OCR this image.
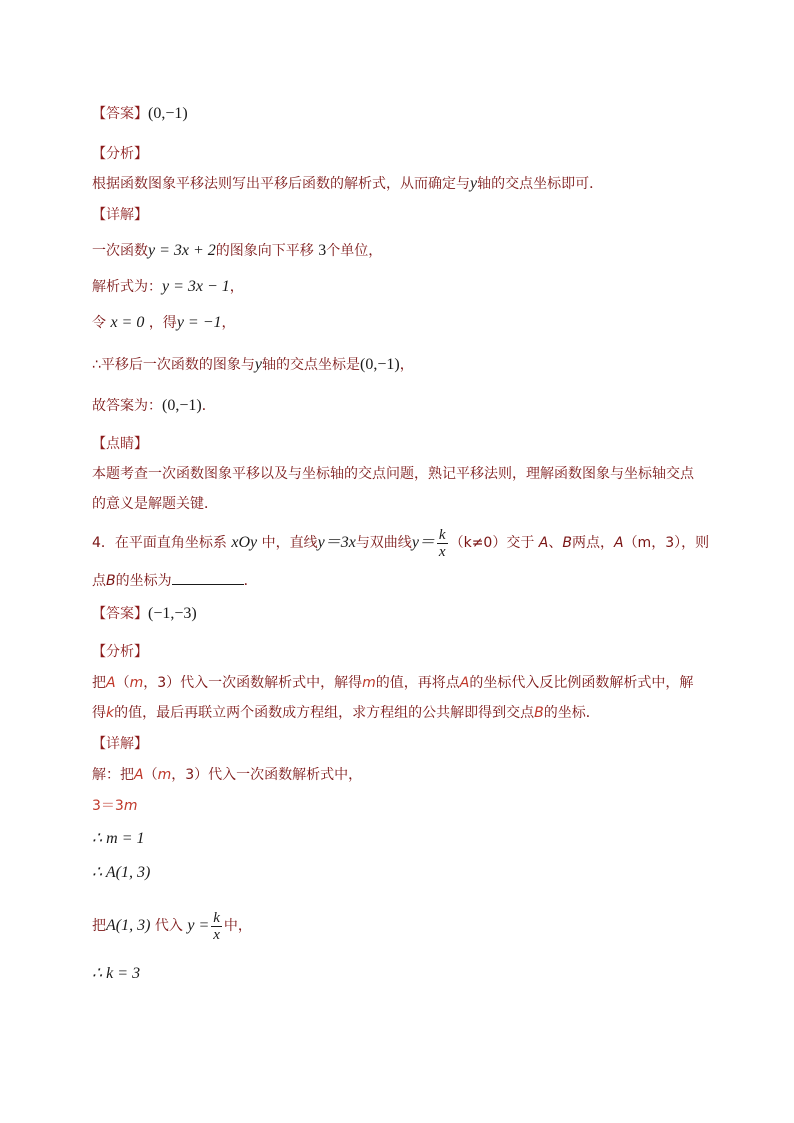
【答案】(0,−1)
【分析】
根据函数图象平移法则写出平移后函数的解析式，从而确定与y轴的交点坐标即可．
【详解】
一次函数y = 3x + 2的图象向下平移 3个单位，
解析式为：y = 3x − 1，
令 x = 0 ，得y = −1，
∴平移后一次函数的图象与y轴的交点坐标是(0,−1)，
故答案为：(0,−1)．
【点睛】
本题考查一次函数图象平移以及与坐标轴的交点问题，熟记平移法则，理解函数图象与坐标轴交点
的意义是解题关键．
4．在平面直角坐标系 xOy 中，直线y＝3x与双曲线$y= \frac{k}{x} (k\ne 0)$交于 A、B两点，A（m，3），则
点B的坐标为	．
【答案】(−1,−3)
【分析】
把A（m，3）代入一次函数解析式中，解得m的值，再将点A的坐标代入反比例函数解析式中，解
得k的值，最后再联立两个函数成方程组，求方程组的公共解即得到交点B的坐标．
【详解】
解：把A（m，3）代入一次函数解析式中，
3＝3m
∴ m = 1
∴ A(1, 3)
把A(1, 3) 代入 $y = \frac{k}{x}$ 中，
∴ k = 3
